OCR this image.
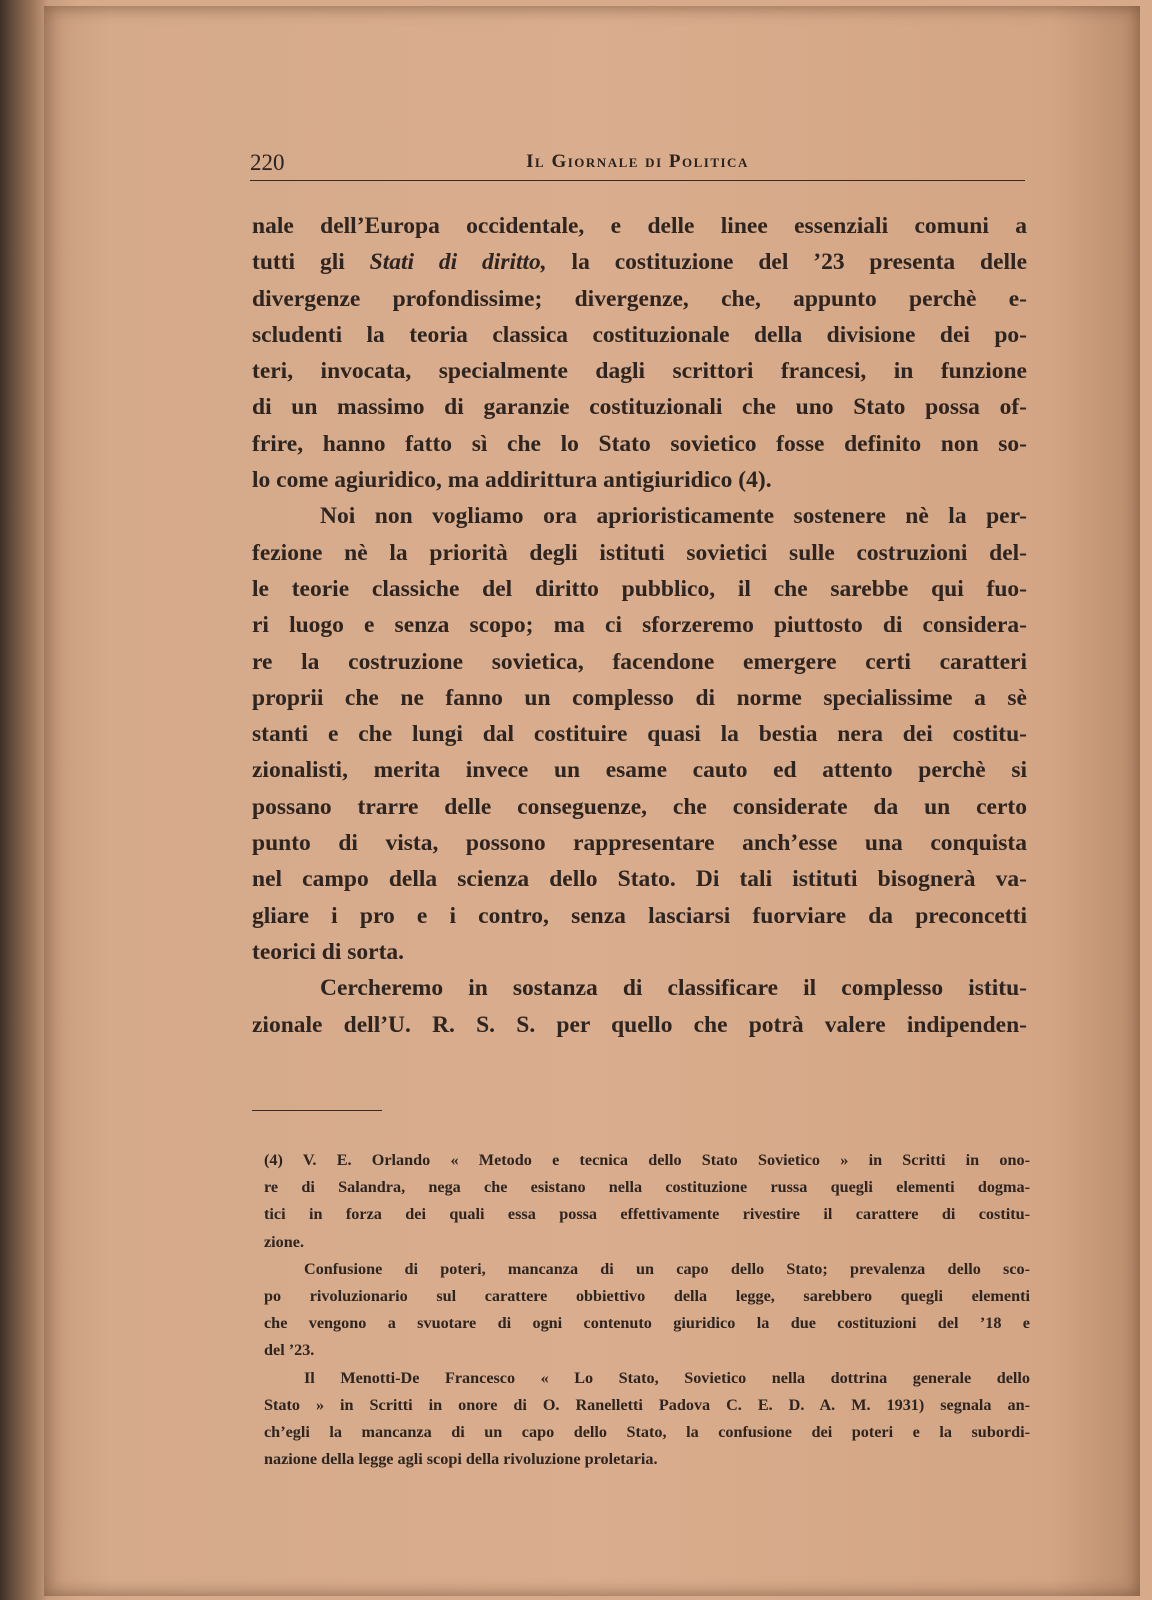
220	Il Giornale di Politica
nale dell’Europa occidentale, e delle linee essenziali comuni a
tutti gli Stati di diritto, la costituzione del ’23 presenta delle
divergenze profondissime; divergenze, che, appunto perchè e-
scludenti la teoria classica costituzionale della divisione dei po-
teri, invocata, specialmente dagli scrittori francesi, in funzione
di un massimo di garanzie costituzionali che uno Stato possa of-
frire, hanno fatto sì che lo Stato sovietico fosse definito non so-
lo come agiuridico, ma addirittura antigiuridico (4).
Noi non vogliamo ora aprioristicamente sostenere nè la per-
fezione nè la priorità degli istituti sovietici sulle costruzioni del-
le teorie classiche del diritto pubblico, il che sarebbe qui fuo-
ri luogo e senza scopo; ma ci sforzeremo piuttosto di considera-
re la costruzione sovietica, facendone emergere certi caratteri
proprii che ne fanno un complesso di norme specialissime a sè
stanti e che lungi dal costituire quasi la bestia nera dei costitu-
zionalisti, merita invece un esame cauto ed attento perchè si
possano trarre delle conseguenze, che considerate da un certo
punto di vista, possono rappresentare anch’esse una conquista
nel campo della scienza dello Stato. Di tali istituti bisognerà va-
gliare i pro e i contro, senza lasciarsi fuorviare da preconcetti
teorici di sorta.
Cercheremo in sostanza di classificare il complesso istitu-
zionale dell’U. R. S. S. per quello che potrà valere indipenden-
(4) V. E. Orlando « Metodo e tecnica dello Stato Sovietico » in Scritti in ono-
re di Salandra, nega che esistano nella costituzione russa quegli elementi dogma-
tici in forza dei quali essa possa effettivamente rivestire il carattere di costitu-
zione.
Confusione di poteri, mancanza di un capo dello Stato; prevalenza dello sco-
po rivoluzionario sul carattere obbiettivo della legge, sarebbero quegli elementi
che vengono a svuotare di ogni contenuto giuridico la due costituzioni del ’18 e
del ’23.
Il Menotti-De Francesco « Lo Stato, Sovietico nella dottrina generale dello
Stato » in Scritti in onore di O. Ranelletti Padova C. E. D. A. M. 1931) segnala an-
ch’egli la mancanza di un capo dello Stato, la confusione dei poteri e la subordi-
nazione della legge agli scopi della rivoluzione proletaria.
